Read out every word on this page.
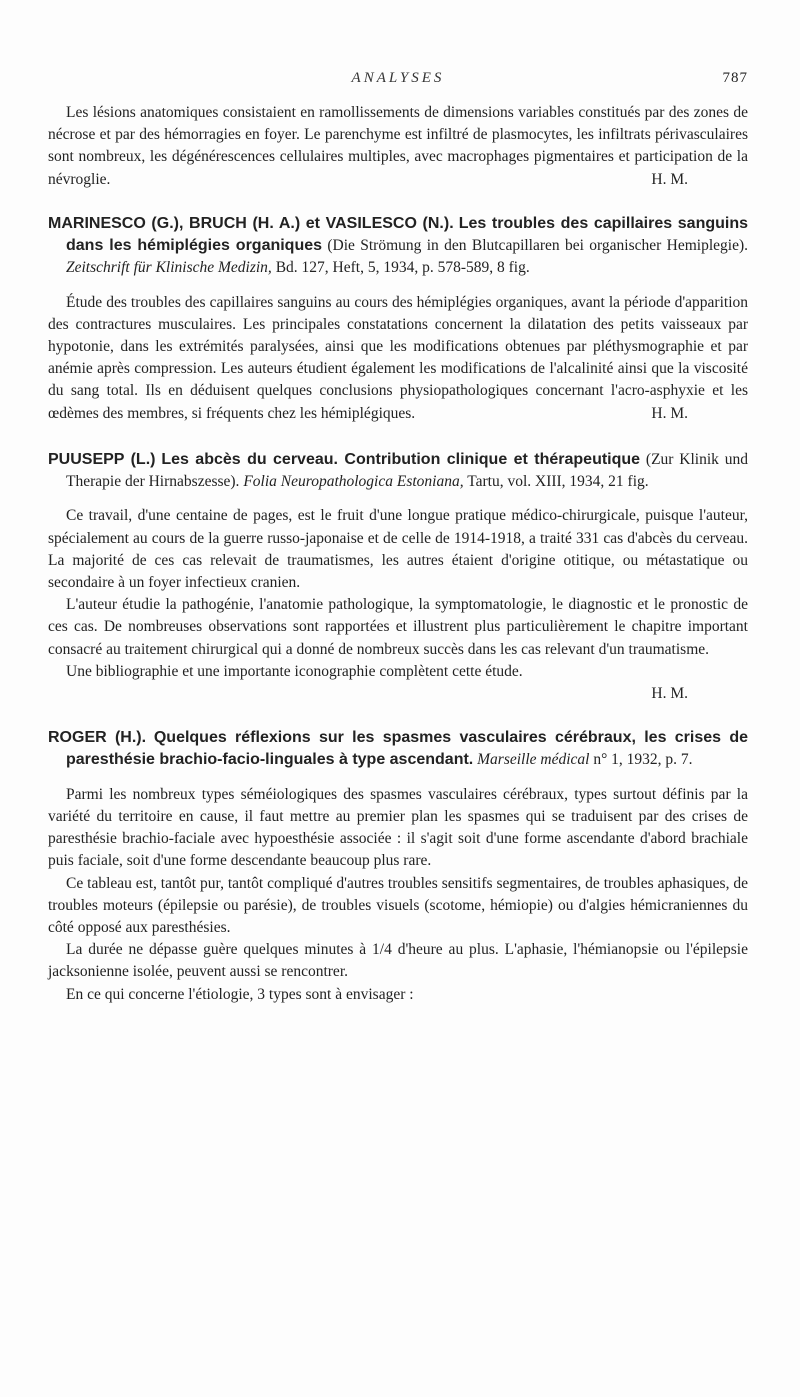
ANALYSES	787

Les lésions anatomiques consistaient en ramollissements de dimensions variables constitués par des zones de nécrose et par des hémorragies en foyer. Le parenchyme est infiltré de plasmocytes, les infiltrats périvasculaires sont nombreux, les dégénérescences cellulaires multiples, avec macrophages pigmentaires et participation de la névroglie.	H. M.

MARINESCO (G.), BRUCH (H. A.) et VASILESCO (N.). Les troubles des capillaires sanguins dans les hémiplégies organiques (Die Strömung in den Blutcapillaren bei organischer Hemiplegie). Zeitschrift für Klinische Medizin, Bd. 127, Heft, 5, 1934, p. 578-589, 8 fig.

Étude des troubles des capillaires sanguins au cours des hémiplégies organiques, avant la période d'apparition des contractures musculaires. Les principales constatations concernent la dilatation des petits vaisseaux par hypotonie, dans les extrémités paralysées, ainsi que les modifications obtenues par pléthysmographie et par anémie après compression. Les auteurs étudient également les modifications de l'alcalinité ainsi que la viscosité du sang total. Ils en déduisent quelques conclusions physiopathologiques concernant l'acro-asphyxie et les œdèmes des membres, si fréquents chez les hémiplégiques.	H. M.

PUUSEPP (L.) Les abcès du cerveau. Contribution clinique et thérapeutique (Zur Klinik und Therapie der Hirnabszesse). Folia Neuropathologica Estoniana, Tartu, vol. XIII, 1934, 21 fig.

Ce travail, d'une centaine de pages, est le fruit d'une longue pratique médico-chirurgicale, puisque l'auteur, spécialement au cours de la guerre russo-japonaise et de celle de 1914-1918, a traité 331 cas d'abcès du cerveau. La majorité de ces cas relevait de traumatismes, les autres étaient d'origine otitique, ou métastatique ou secondaire à un foyer infectieux cranien.

L'auteur étudie la pathogénie, l'anatomie pathologique, la symptomatologie, le diagnostic et le pronostic de ces cas. De nombreuses observations sont rapportées et illustrent plus particulièrement le chapitre important consacré au traitement chirurgical qui a donné de nombreux succès dans les cas relevant d'un traumatisme.

Une bibliographie et une importante iconographie complètent cette étude.

H. M.

ROGER (H.). Quelques réflexions sur les spasmes vasculaires cérébraux, les crises de paresthésie brachio-facio-linguales à type ascendant. Marseille médical n° 1, 1932, p. 7.

Parmi les nombreux types séméiologiques des spasmes vasculaires cérébraux, types surtout définis par la variété du territoire en cause, il faut mettre au premier plan les spasmes qui se traduisent par des crises de paresthésie brachio-faciale avec hypoesthésie associée : il s'agit soit d'une forme ascendante d'abord brachiale puis faciale, soit d'une forme descendante beaucoup plus rare.

Ce tableau est, tantôt pur, tantôt compliqué d'autres troubles sensitifs segmentaires, de troubles aphasiques, de troubles moteurs (épilepsie ou parésie), de troubles visuels (scotome, hémiopie) ou d'algies hémicraniennes du côté opposé aux paresthésies.

La durée ne dépasse guère quelques minutes à 1/4 d'heure au plus. L'aphasie, l'hémianopsie ou l'épilepsie jacksonienne isolée, peuvent aussi se rencontrer.

En ce qui concerne l'étiologie, 3 types sont à envisager :
